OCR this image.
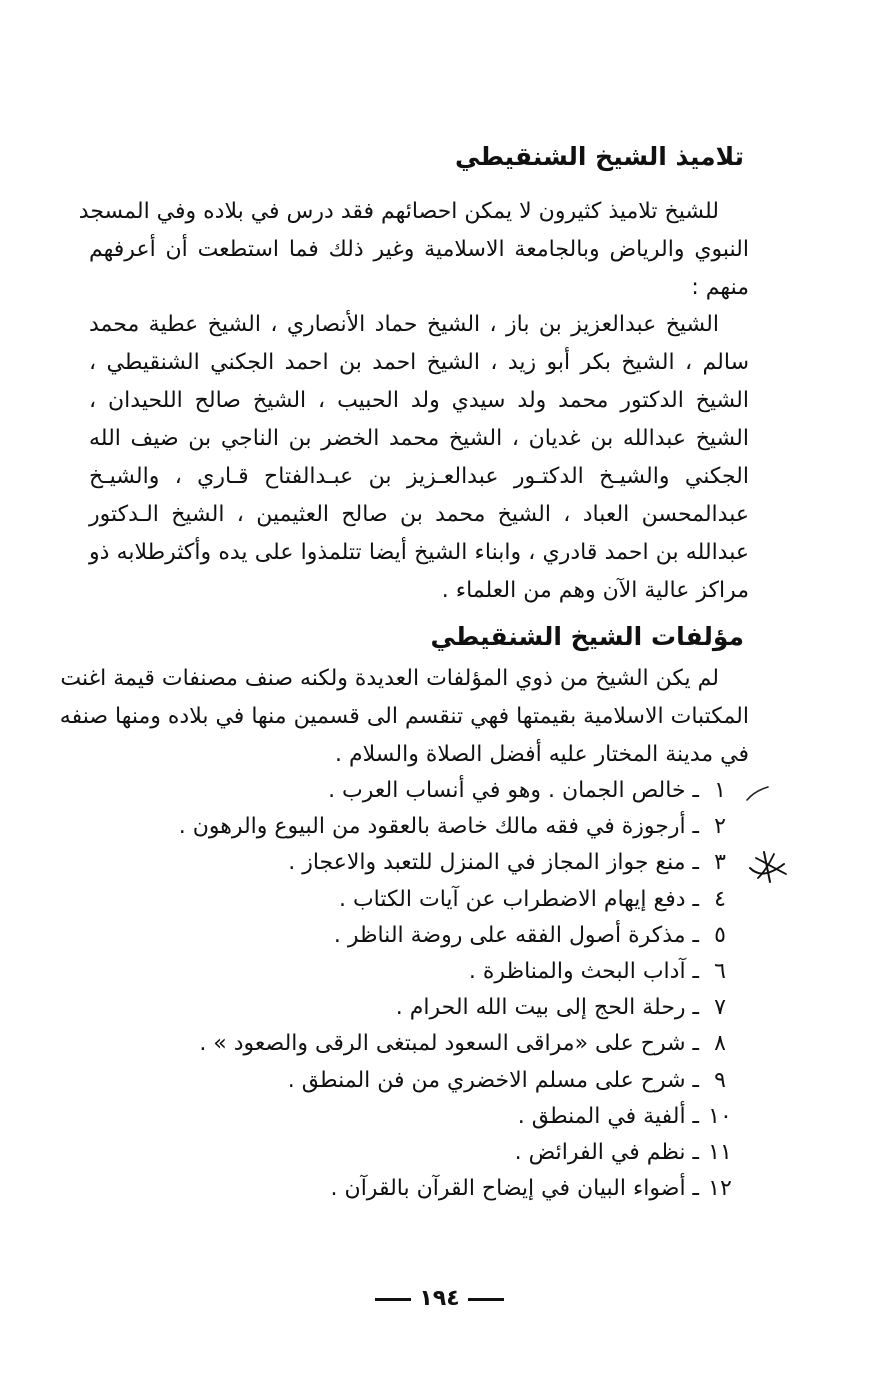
تلاميذ الشيخ الشنقيطي
للشيخ تلاميذ كثيرون لا يمكن احصائهم فقد درس في بلاده وفي المسجد
النبوي والرياض وبالجامعة الاسلامية وغير ذلك فما استطعت أن أعرفهم
منهم :
الشيخ عبدالعزيز بن باز ، الشيخ حماد الأنصاري ، الشيخ عطية محمد
سالم ، الشيخ بكر أبو زيد ، الشيخ احمد بن احمد الجكني الشنقيطي ،
الشيخ الدكتور محمد ولد سيدي ولد الحبيب ، الشيخ صالح اللحيدان ،
الشيخ عبدالله بن غديان ، الشيخ محمد الخضر بن الناجي بن ضيف الله
الجكني والشيـخ الدكتـور عبدالعـزيز بن عبـدالفتاح قـاري ، والشيـخ
عبدالمحسن العباد ، الشيخ محمد بن صالح العثيمين ، الشيخ الـدكتور
عبدالله بن احمد قادري ، وابناء الشيخ أيضا تتلمذوا على يده وأكثرطلابه ذو
مراكز عالية الآن وهم من العلماء .
مؤلفات الشيخ الشنقيطي
لم يكن الشيخ من ذوي المؤلفات العديدة ولكنه صنف مصنفات قيمة اغنت
المكتبات الاسلامية بقيمتها فهي تنقسم الى قسمين منها في بلاده ومنها صنفه
في مدينة المختار عليه أفضل الصلاة والسلام .
١ ـ خالص الجمان . وهو في أنساب العرب .
٢ ـ أرجوزة في فقه مالك خاصة بالعقود من البيوع والرهون .
٣ ـ منع جواز المجاز في المنزل للتعبد والاعجاز .
٤ ـ دفع إيهام الاضطراب عن آيات الكتاب .
٥ ـ مذكرة أصول الفقه على روضة الناظر .
٦ ـ آداب البحث والمناظرة .
٧ ـ رحلة الحج إلى بيت الله الحرام .
٨ ـ شرح على «مراقى السعود لمبتغى الرقى والصعود » .
٩ ـ شرح على مسلم الاخضري من فن المنطق .
١٠ ـ ألفية في المنطق .
١١ ـ نظم في الفرائض .
١٢ ـ أضواء البيان في إيضاح القرآن بالقرآن .
١٩٤
